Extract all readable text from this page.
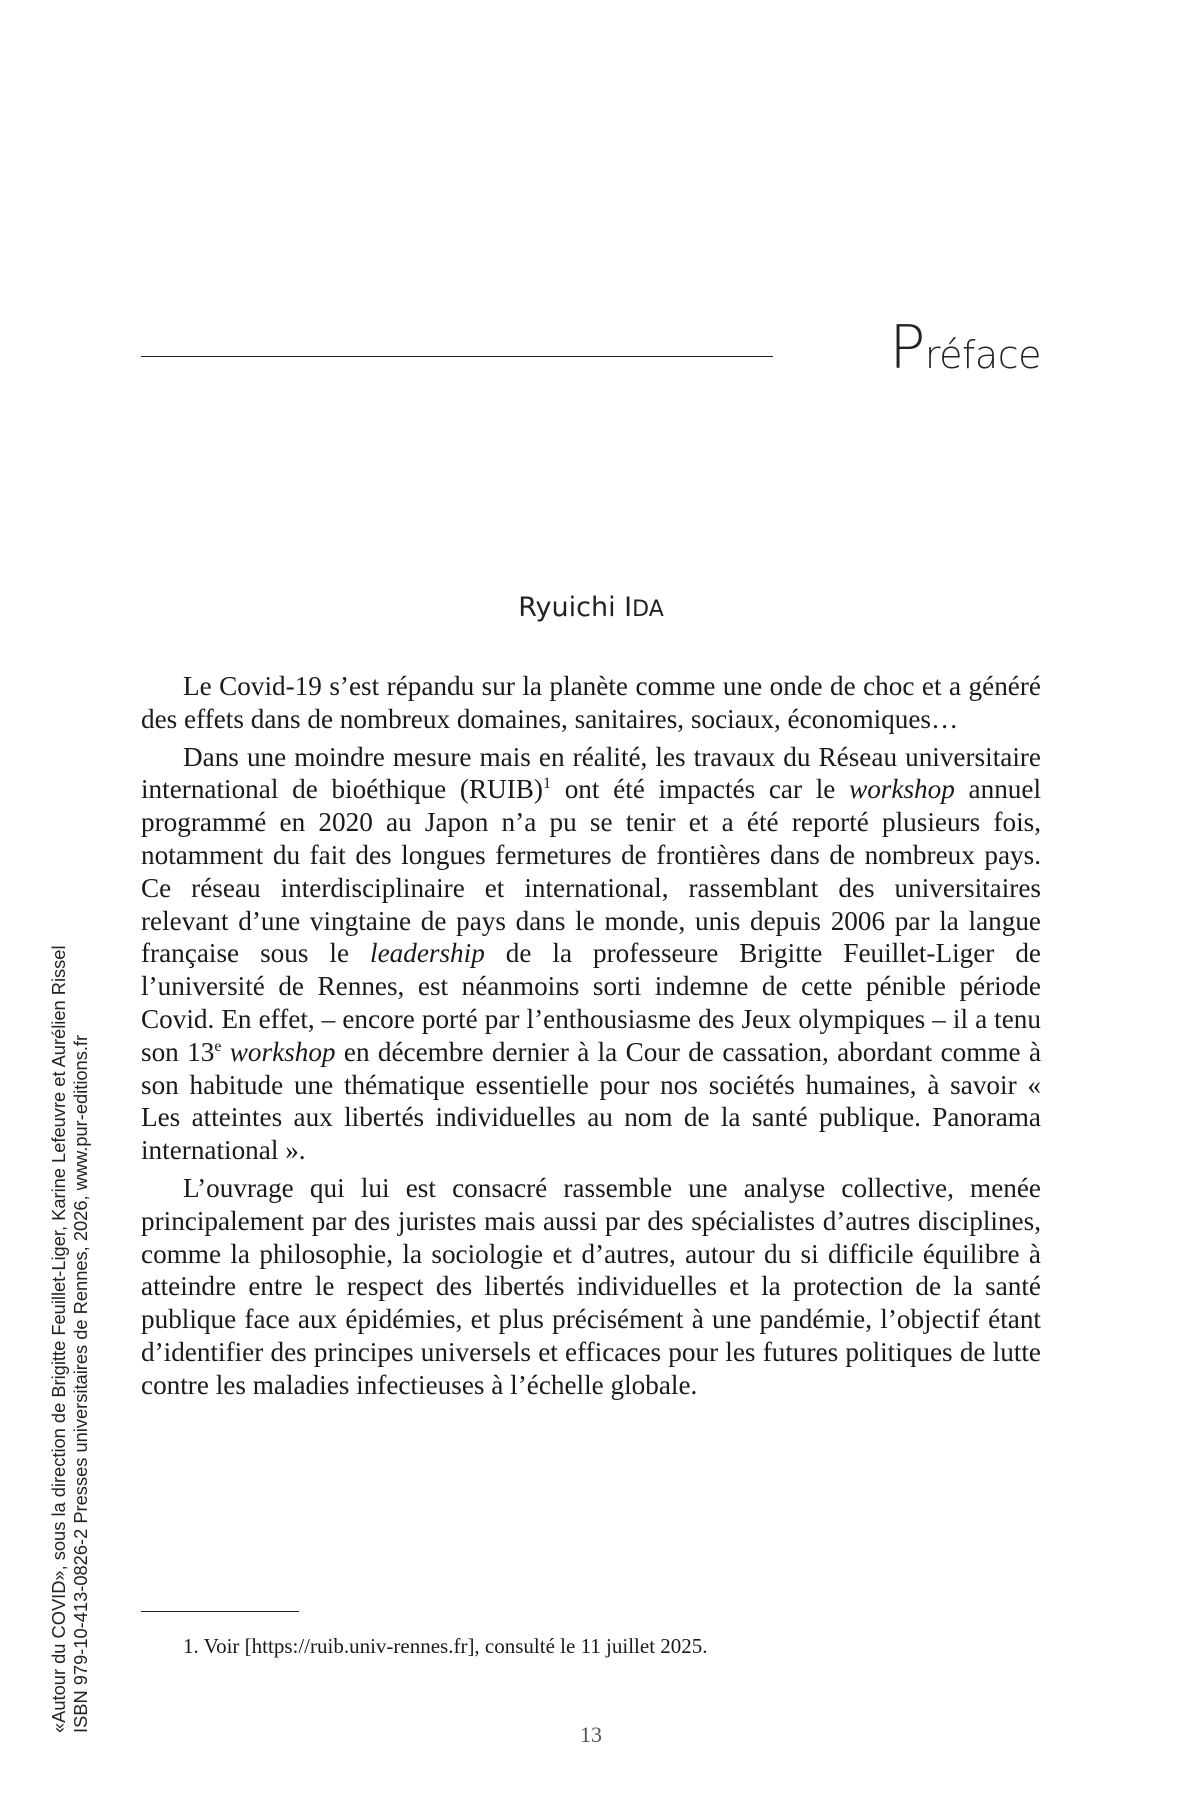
Préface
Ryuichi IDA

Le Covid-19 s’est répandu sur la planète comme une onde de choc et a généré des effets dans de nombreux domaines, sanitaires, sociaux, économiques…

Dans une moindre mesure mais en réalité, les travaux du Réseau universitaire international de bioéthique (RUIB)$^1$ ont été impactés car le workshop annuel programmé en 2020 au Japon n’a pu se tenir et a été reporté plusieurs fois, notamment du fait des longues fermetures de frontières dans de nombreux pays. Ce réseau interdisciplinaire et international, rassemblant des universitaires relevant d’une vingtaine de pays dans le monde, unis depuis 2006 par la langue française sous le leadership de la professeure Brigitte Feuillet-Liger de l’université de Rennes, est néanmoins sorti indemne de cette pénible période Covid. En effet, – encore porté par l’enthousiasme des Jeux olympiques – il a tenu son 13e workshop en décembre dernier à la Cour de cassation, abordant comme à son habitude une thématique essentielle pour nos sociétés humaines, à savoir « Les atteintes aux libertés individuelles au nom de la santé publique. Panorama international ».

L’ouvrage qui lui est consacré rassemble une analyse collective, menée principalement par des juristes mais aussi par des spécialistes d’autres disciplines, comme la philosophie, la sociologie et d’autres, autour du si difficile équilibre à atteindre entre le respect des libertés individuelles et la protection de la santé publique face aux épidémies, et plus précisément à une pandémie, l’objectif étant d’identifier des principes universels et efficaces pour les futures politiques de lutte contre les maladies infectieuses à l’échelle globale.

1. Voir [https://ruib.univ-rennes.fr], consulté le 11 juillet 2025.
13
«Autour du COVID», sous la direction de Brigitte Feuillet-Liger, Karine Lefeuvre et Aurélien Rissel ISBN 979-10-413-0826-2 Presses universitaires de Rennes, 2026, www.pur-editions.fr
